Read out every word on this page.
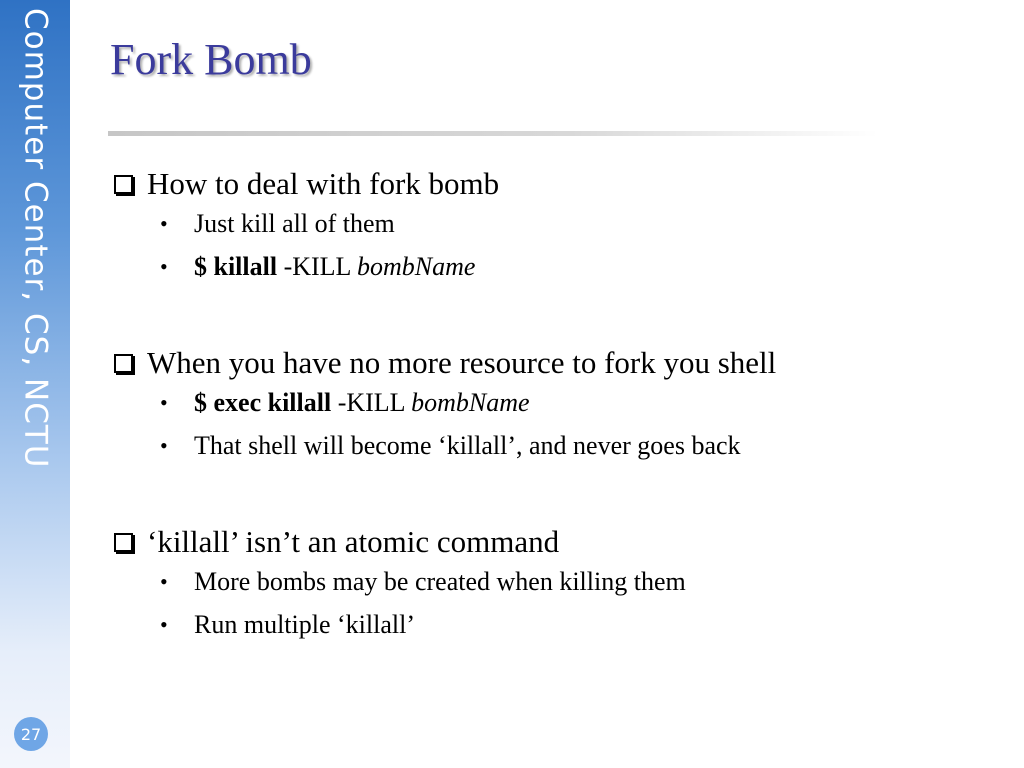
Computer Center, CS, NCTU
27
Fork Bomb
How to deal with fork bomb
• Just kill all of them
• $ killall -KILL bombName
When you have no more resource to fork you shell
• $ exec killall -KILL bombName
• That shell will become ‘killall’, and never goes back
‘killall’ isn’t an atomic command
• More bombs may be created when killing them
• Run multiple ‘killall’
